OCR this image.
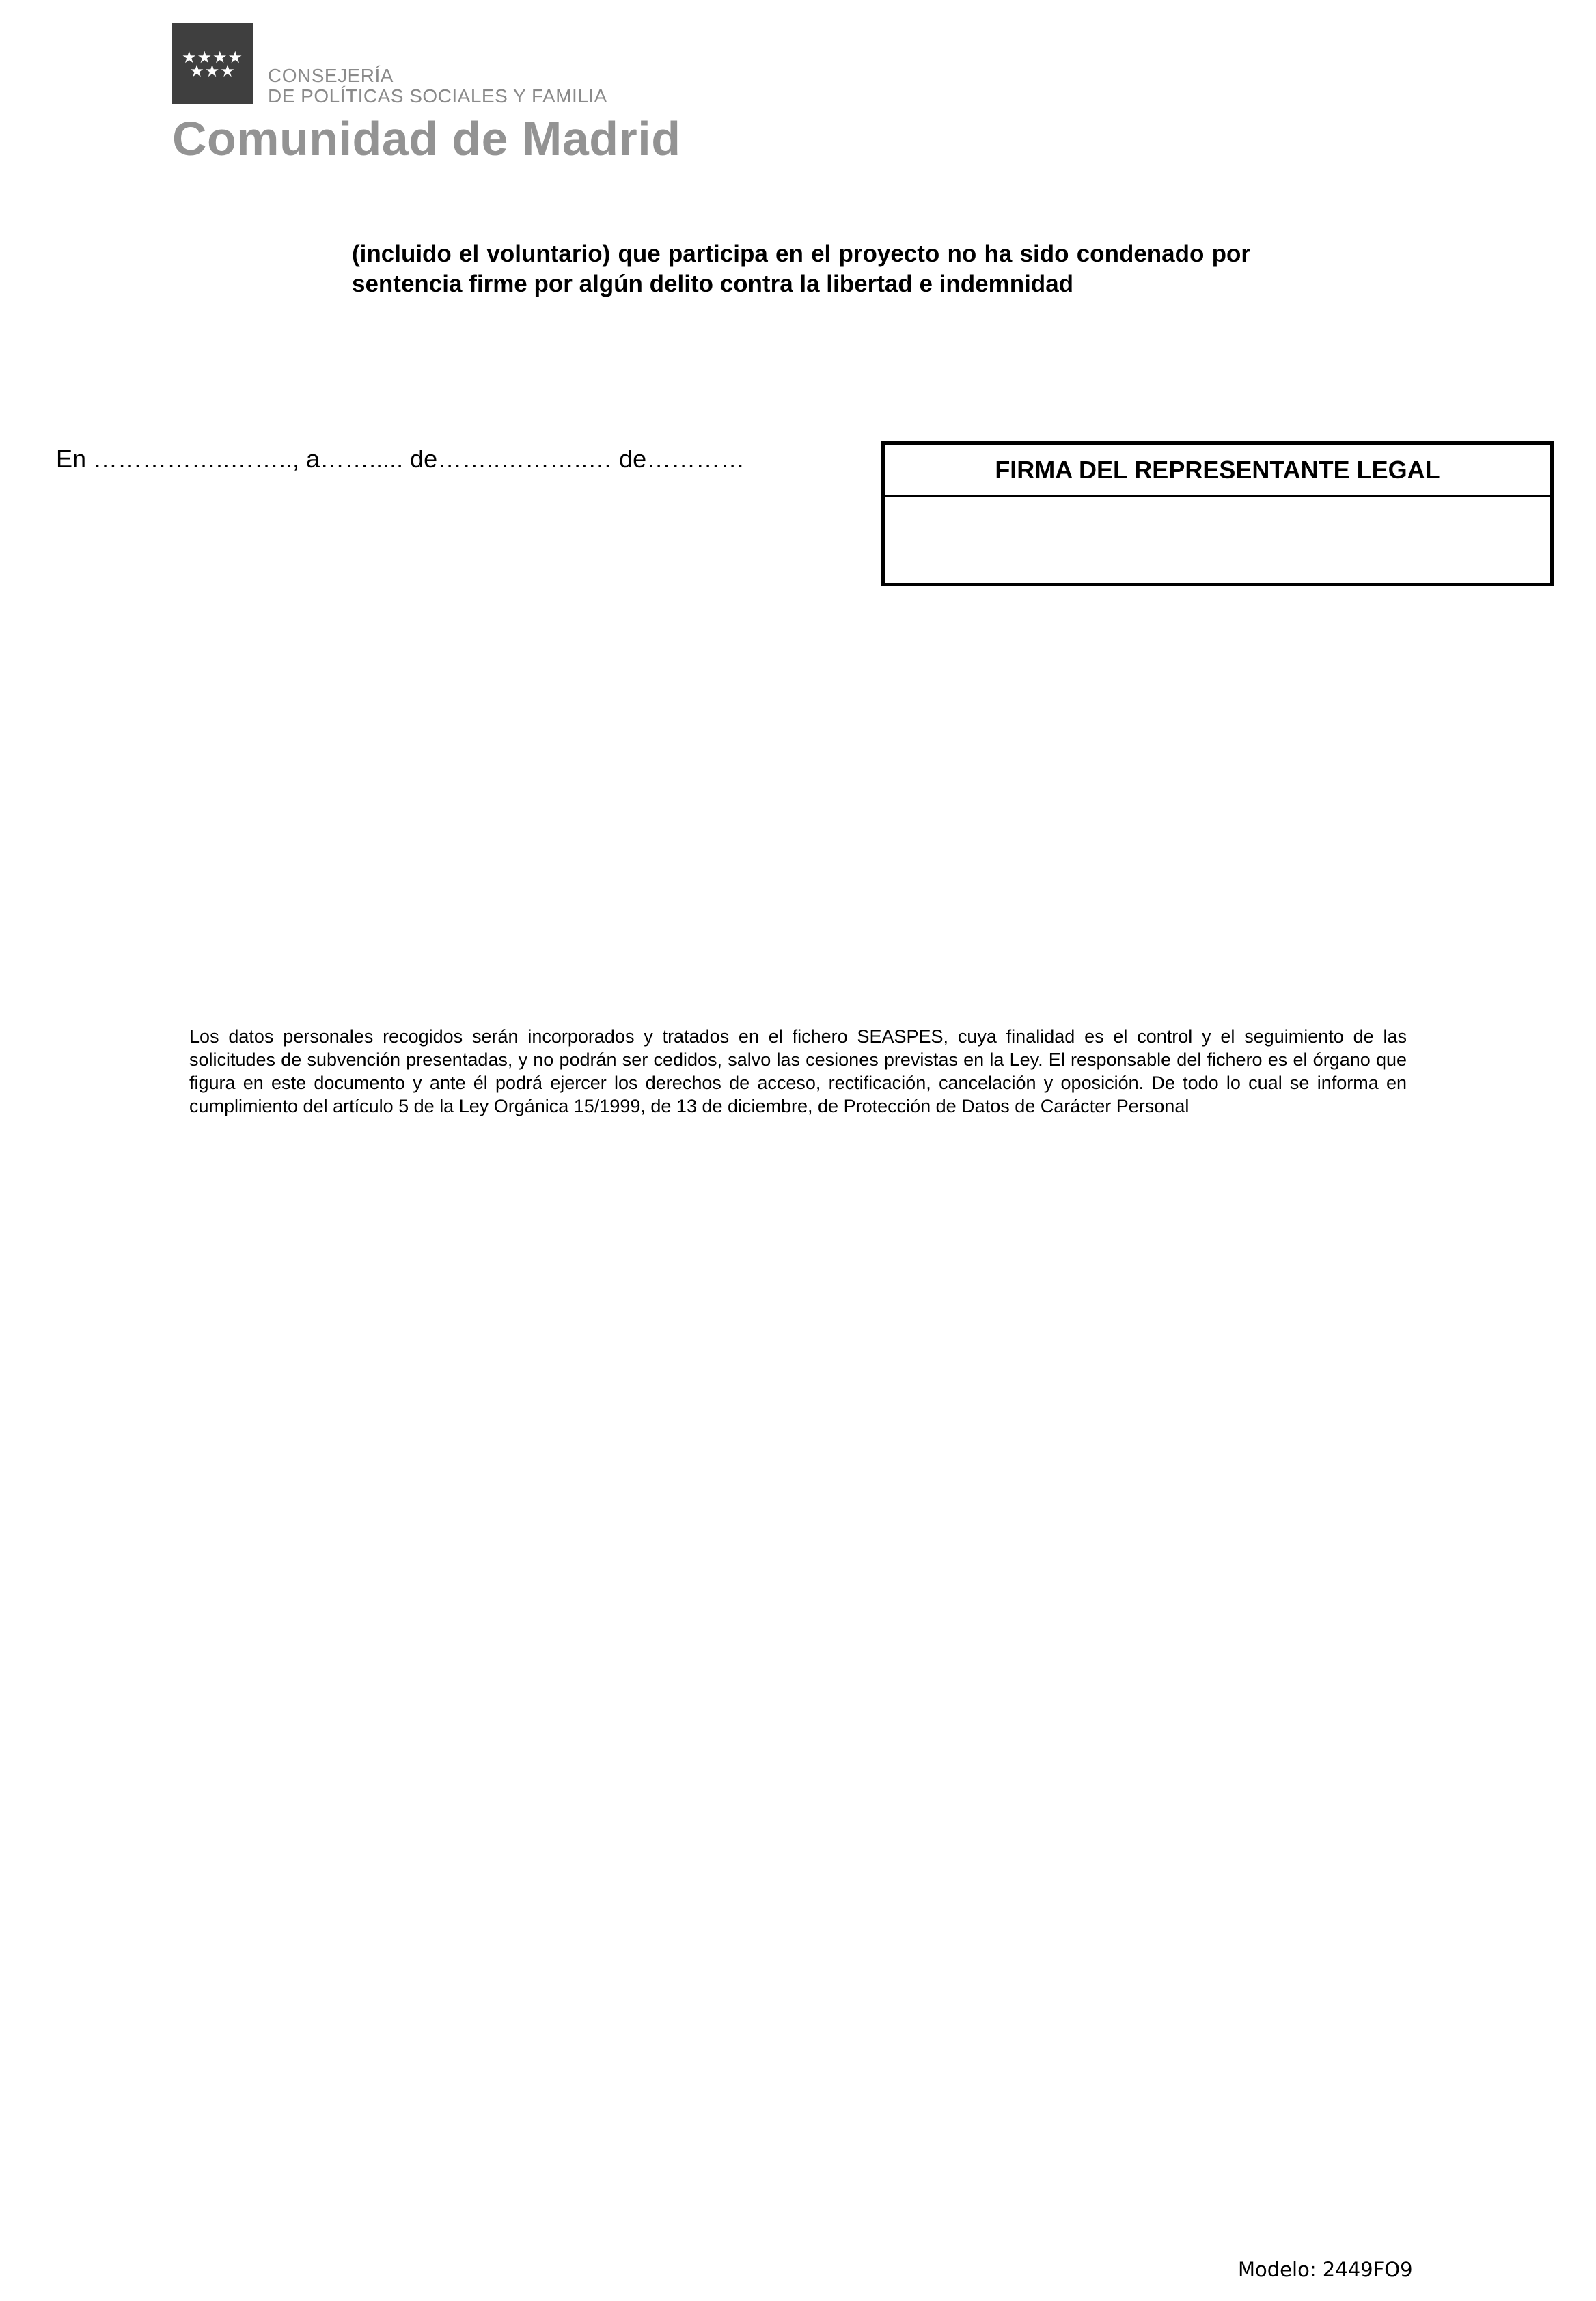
★★★★
★★★	CONSEJERÍA
DE POLÍTICAS SOCIALES Y FAMILIA
Comunidad de Madrid
(incluido el voluntario) que participa en el proyecto no ha sido condenado por sentencia firme por algún delito contra la libertad e indemnidad
En ……………..…….., a……..... de……..………..… de…………	FIRMA DEL REPRESENTANTE LEGAL
Los datos personales recogidos serán incorporados y tratados en el fichero SEASPES, cuya finalidad es el control y el seguimiento de las solicitudes de subvención presentadas, y no podrán ser cedidos, salvo las cesiones previstas en la Ley. El responsable del fichero es el órgano que figura en este documento y ante él podrá ejercer los derechos de acceso, rectificación, cancelación y oposición. De todo lo cual se informa en cumplimiento del artículo 5 de la Ley Orgánica 15/1999, de 13 de diciembre, de Protección de Datos de Carácter Personal
Modelo: 2449FO9
